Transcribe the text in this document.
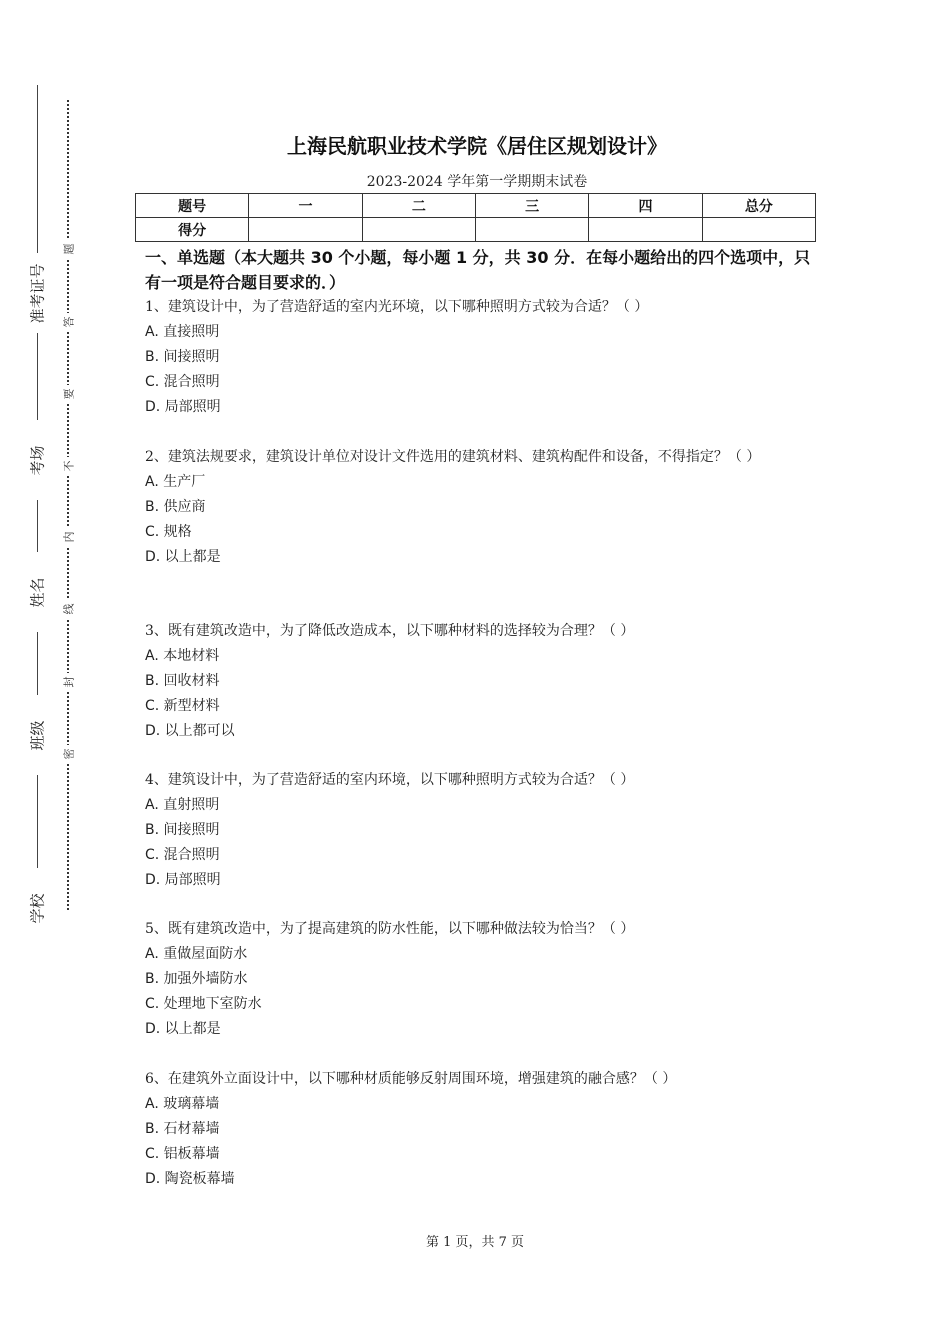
准考证号
考场
姓名
班级
学校
题
答
要
不
内
线
封
密
上海民航职业技术学院《居住区规划设计》
2023-2024 学年第一学期期末试卷
题号	一	二	三	四	总分
得分					
一、单选题（本大题共 30 个小题，每小题 1 分，共 30 分．在每小题给出的四个选项中，只有一项是符合题目要求的．）
1、建筑设计中，为了营造舒适的室内光环境，以下哪种照明方式较为合适？（ ）
A. 直接照明
B. 间接照明
C. 混合照明
D. 局部照明
2、建筑法规要求，建筑设计单位对设计文件选用的建筑材料、建筑构配件和设备，不得指定？（ ）
A. 生产厂
B. 供应商
C. 规格
D. 以上都是
3、既有建筑改造中，为了降低改造成本，以下哪种材料的选择较为合理？（ ）
A. 本地材料
B. 回收材料
C. 新型材料
D. 以上都可以
4、建筑设计中，为了营造舒适的室内环境，以下哪种照明方式较为合适？（ ）
A. 直射照明
B. 间接照明
C. 混合照明
D. 局部照明
5、既有建筑改造中，为了提高建筑的防水性能，以下哪种做法较为恰当？（ ）
A. 重做屋面防水
B. 加强外墙防水
C. 处理地下室防水
D. 以上都是
6、在建筑外立面设计中，以下哪种材质能够反射周围环境，增强建筑的融合感？（ ）
A. 玻璃幕墙
B. 石材幕墙
C. 铝板幕墙
D. 陶瓷板幕墙
第 1 页，共 7 页
